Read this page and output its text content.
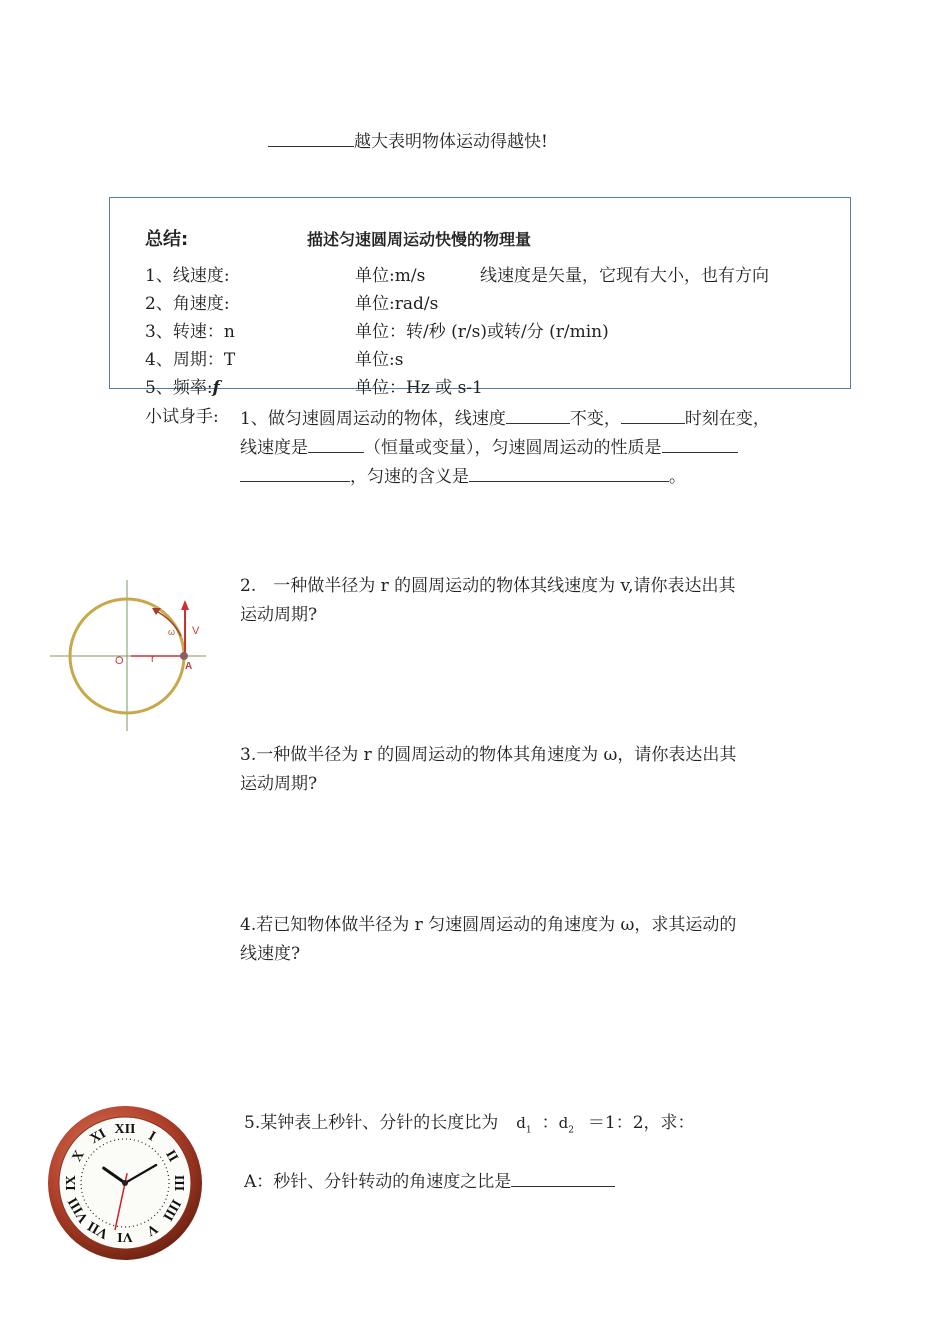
越大表明物体运动得越快!
总结:	描述匀速圆周运动快慢的物理量
1、线速度:	单位:m/s	线速度是矢量，它现有大小，也有方向
2、角速度:	单位:rad/s
3、转速：n	单位：转/秒 (r/s)或转/分 (r/min)
4、周期：T	单位:s
5、频率:f	单位：Hz 或 s-1
小试身手: 1、做匀速圆周运动的物体，线速度	不变，	时刻在变，
线速度是	（恒量或变量），匀速圆周运动的性质是
，匀速的含义是	。
O r
A
V
ω
2.　一种做半径为 r 的圆周运动的物体其线速度为 v,请你表达出其
运动周期?
3.一种做半径为 r 的圆周运动的物体其角速度为 ω，请你表达出其
运动周期?
4.若已知物体做半径为 r 匀速圆周运动的角速度为 ω，求其运动的
线速度?
5.某钟表上秒针、分针的长度比为 $d_1$ ：$d_2 =1$：2，求：
A：秒针、分针转动的角速度之比是
XII I
II
III
IIII
V
VI
VII
VIII
IX
X
XI
